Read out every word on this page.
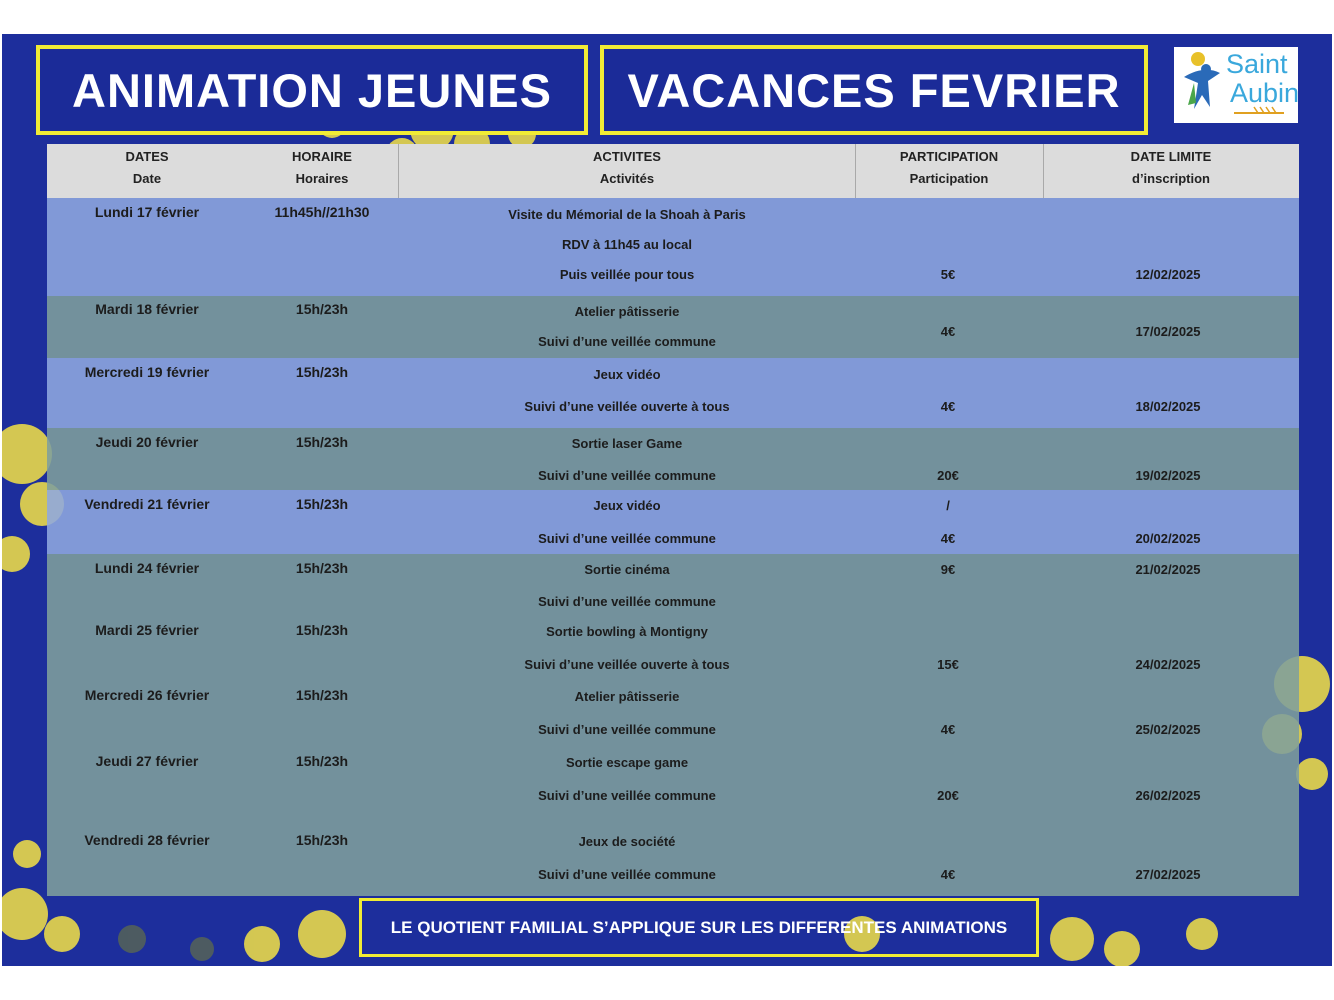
ANIMATION JEUNES	VACANCES FEVRIER	Saint
Aubin
DATES
Date
HORAIRE
Horaires
ACTIVITES
Activités
PARTICIPATION
Participation
DATE LIMITE
d’inscription
Lundi 17 février	11h45h//21h30	Visite du Mémorial de la Shoah à Paris
RDV à 11h45 au local
Puis veillée pour tous	5€	12/02/2025
Mardi 18 février	15h/23h	Atelier pâtisserie
Suivi d’une veillée commune
4€	17/02/2025
Mercredi 19 février	15h/23h	Jeux vidéo
Suivi d’une veillée ouverte à tous	4€	18/02/2025
Jeudi 20 février	15h/23h	Sortie laser Game
Suivi d’une veillée commune	20€	19/02/2025
Vendredi 21 février	15h/23h	Jeux vidéo
Suivi d’une veillée commune
/
4€	20/02/2025
Lundi 24 février	15h/23h	Sortie cinéma
Suivi d’une veillée commune
9€	21/02/2025
Mardi 25 février	15h/23h	Sortie bowling à Montigny
Suivi d’une veillée ouverte à tous	15€	24/02/2025
Mercredi 26 février	15h/23h	Atelier pâtisserie
Suivi d’une veillée commune	4€	25/02/2025
Jeudi 27 février	15h/23h	Sortie escape game
Suivi d’une veillée commune	20€	26/02/2025
Vendredi 28 février	15h/23h	Jeux de société
Suivi d’une veillée commune	4€	27/02/2025
LE QUOTIENT FAMILIAL S’APPLIQUE SUR LES DIFFERENTES ANIMATIONS
